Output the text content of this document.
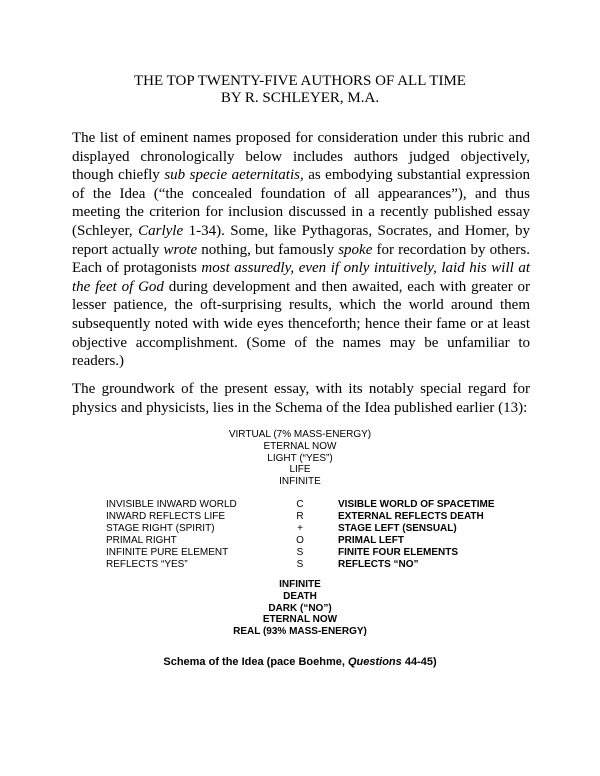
THE TOP TWENTY-FIVE AUTHORS OF ALL TIME
BY R. SCHLEYER, M.A.

The list of eminent names proposed for consideration under this rubric and displayed chronologically below includes authors judged objectively, though chiefly sub specie aeternitatis, as embodying substantial expression of the Idea (“the concealed foundation of all appearances”), and thus meeting the criterion for inclusion discussed in a recently published essay (Schleyer, Carlyle 1-34). Some, like Pythagoras, Socrates, and Homer, by report actually wrote nothing, but famously spoke for recordation by others. Each of protagonists most assuredly, even if only intuitively, laid his will at the feet of God during development and then awaited, each with greater or lesser patience, the oft-surprising results, which the world around them subsequently noted with wide eyes thenceforth; hence their fame or at least objective accomplishment. (Some of the names may be unfamiliar to readers.)

The groundwork of the present essay, with its notably special regard for physics and physicists, lies in the Schema of the Idea published earlier (13):

VIRTUAL (7% MASS-ENERGY)
ETERNAL NOW
LIGHT (“YES”)
LIFE
INFINITE
INVISIBLE INWARD WORLD	C	VISIBLE WORLD OF SPACETIME
INWARD REFLECTS LIFE	R	EXTERNAL REFLECTS DEATH
STAGE RIGHT (SPIRIT)	+	STAGE LEFT (SENSUAL)
PRIMAL RIGHT	O	PRIMAL LEFT
INFINITE PURE ELEMENT	S	FINITE FOUR ELEMENTS
REFLECTS “YES”	S	REFLECTS “NO”
INFINITE
DEATH
DARK (“NO”)
ETERNAL NOW
REAL (93% MASS-ENERGY)
Schema of the Idea (pace Boehme, Questions 44-45)
